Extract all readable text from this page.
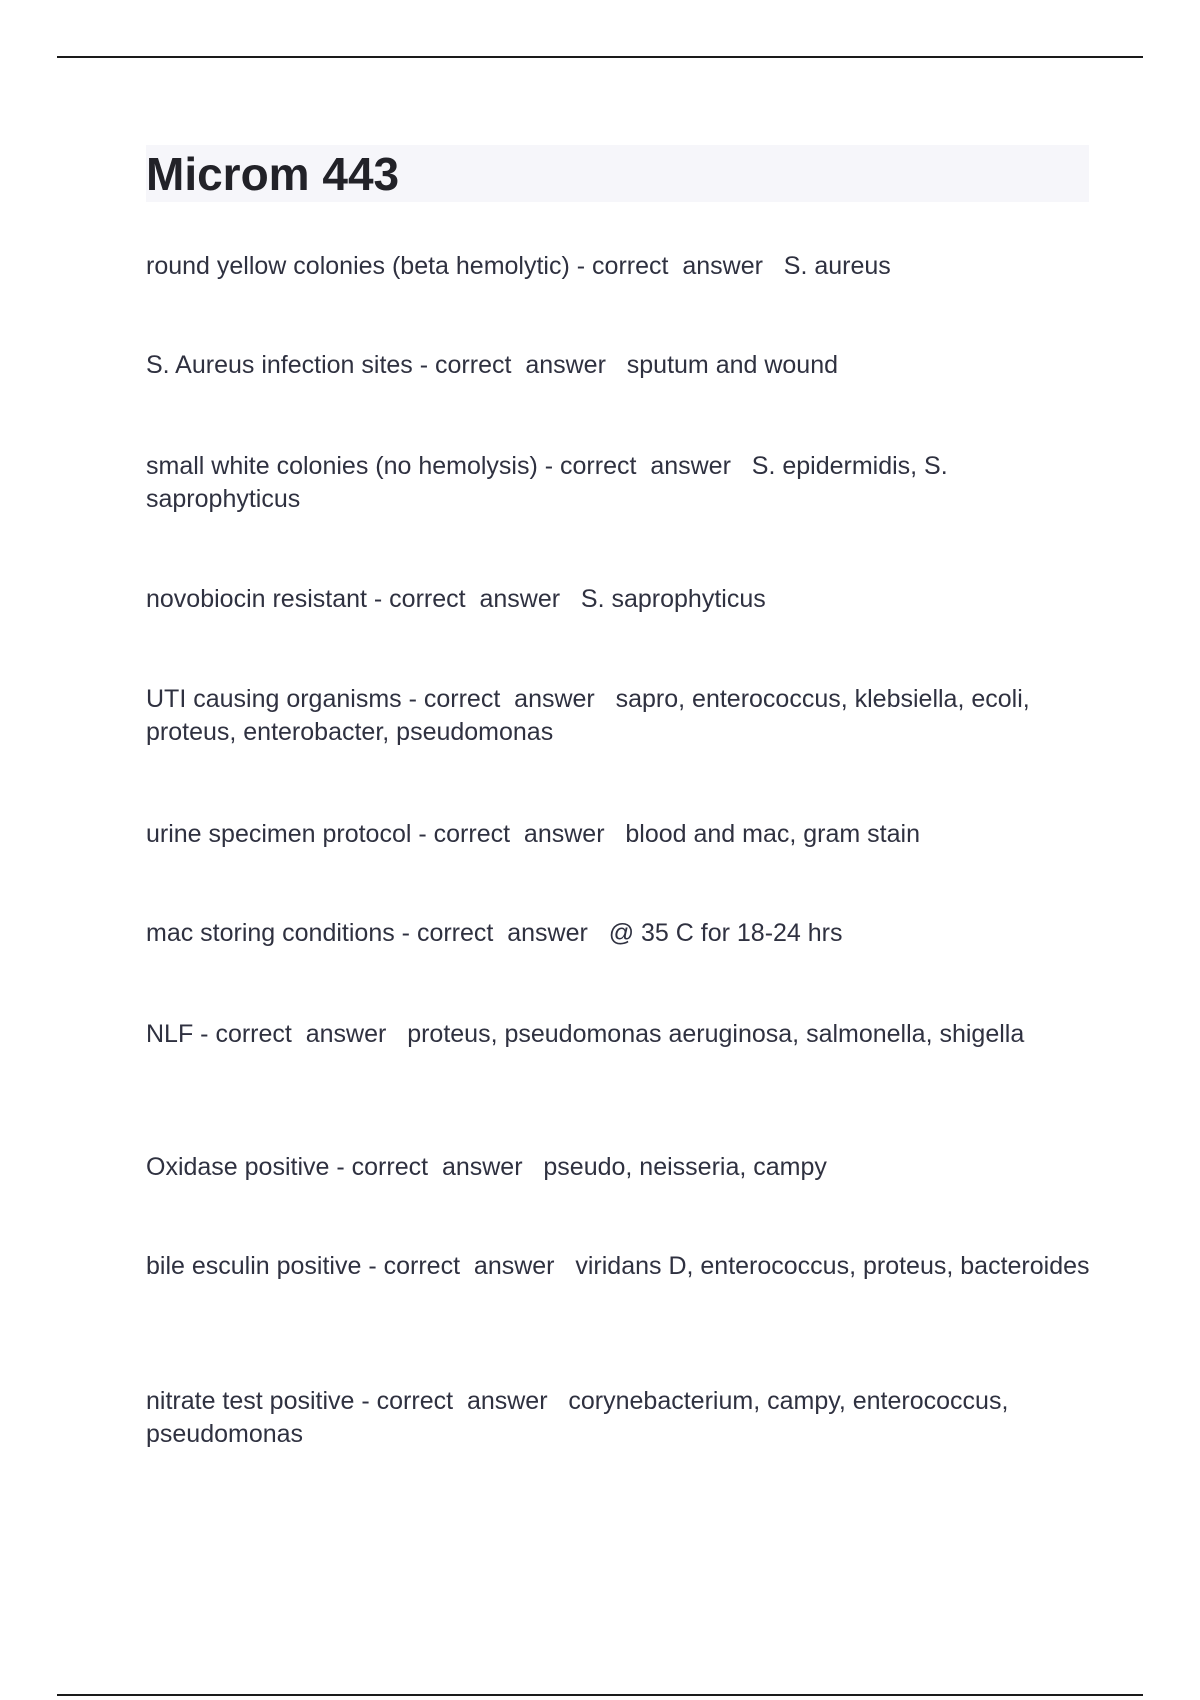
Microm 443
round yellow colonies (beta hemolytic) - correct  answer   S. aureus
S. Aureus infection sites - correct  answer   sputum and wound
small white colonies (no hemolysis) - correct  answer   S. epidermidis, S. saprophyticus
novobiocin resistant - correct  answer   S. saprophyticus
UTI causing organisms - correct  answer   sapro, enterococcus, klebsiella, ecoli, proteus, enterobacter, pseudomonas
urine specimen protocol - correct  answer   blood and mac, gram stain
mac storing conditions - correct  answer   @ 35 C for 18-24 hrs
NLF - correct  answer   proteus, pseudomonas aeruginosa, salmonella, shigella
Oxidase positive - correct  answer   pseudo, neisseria, campy
bile esculin positive - correct  answer   viridans D, enterococcus, proteus, bacteroides
nitrate test positive - correct  answer   corynebacterium, campy, enterococcus, pseudomonas
